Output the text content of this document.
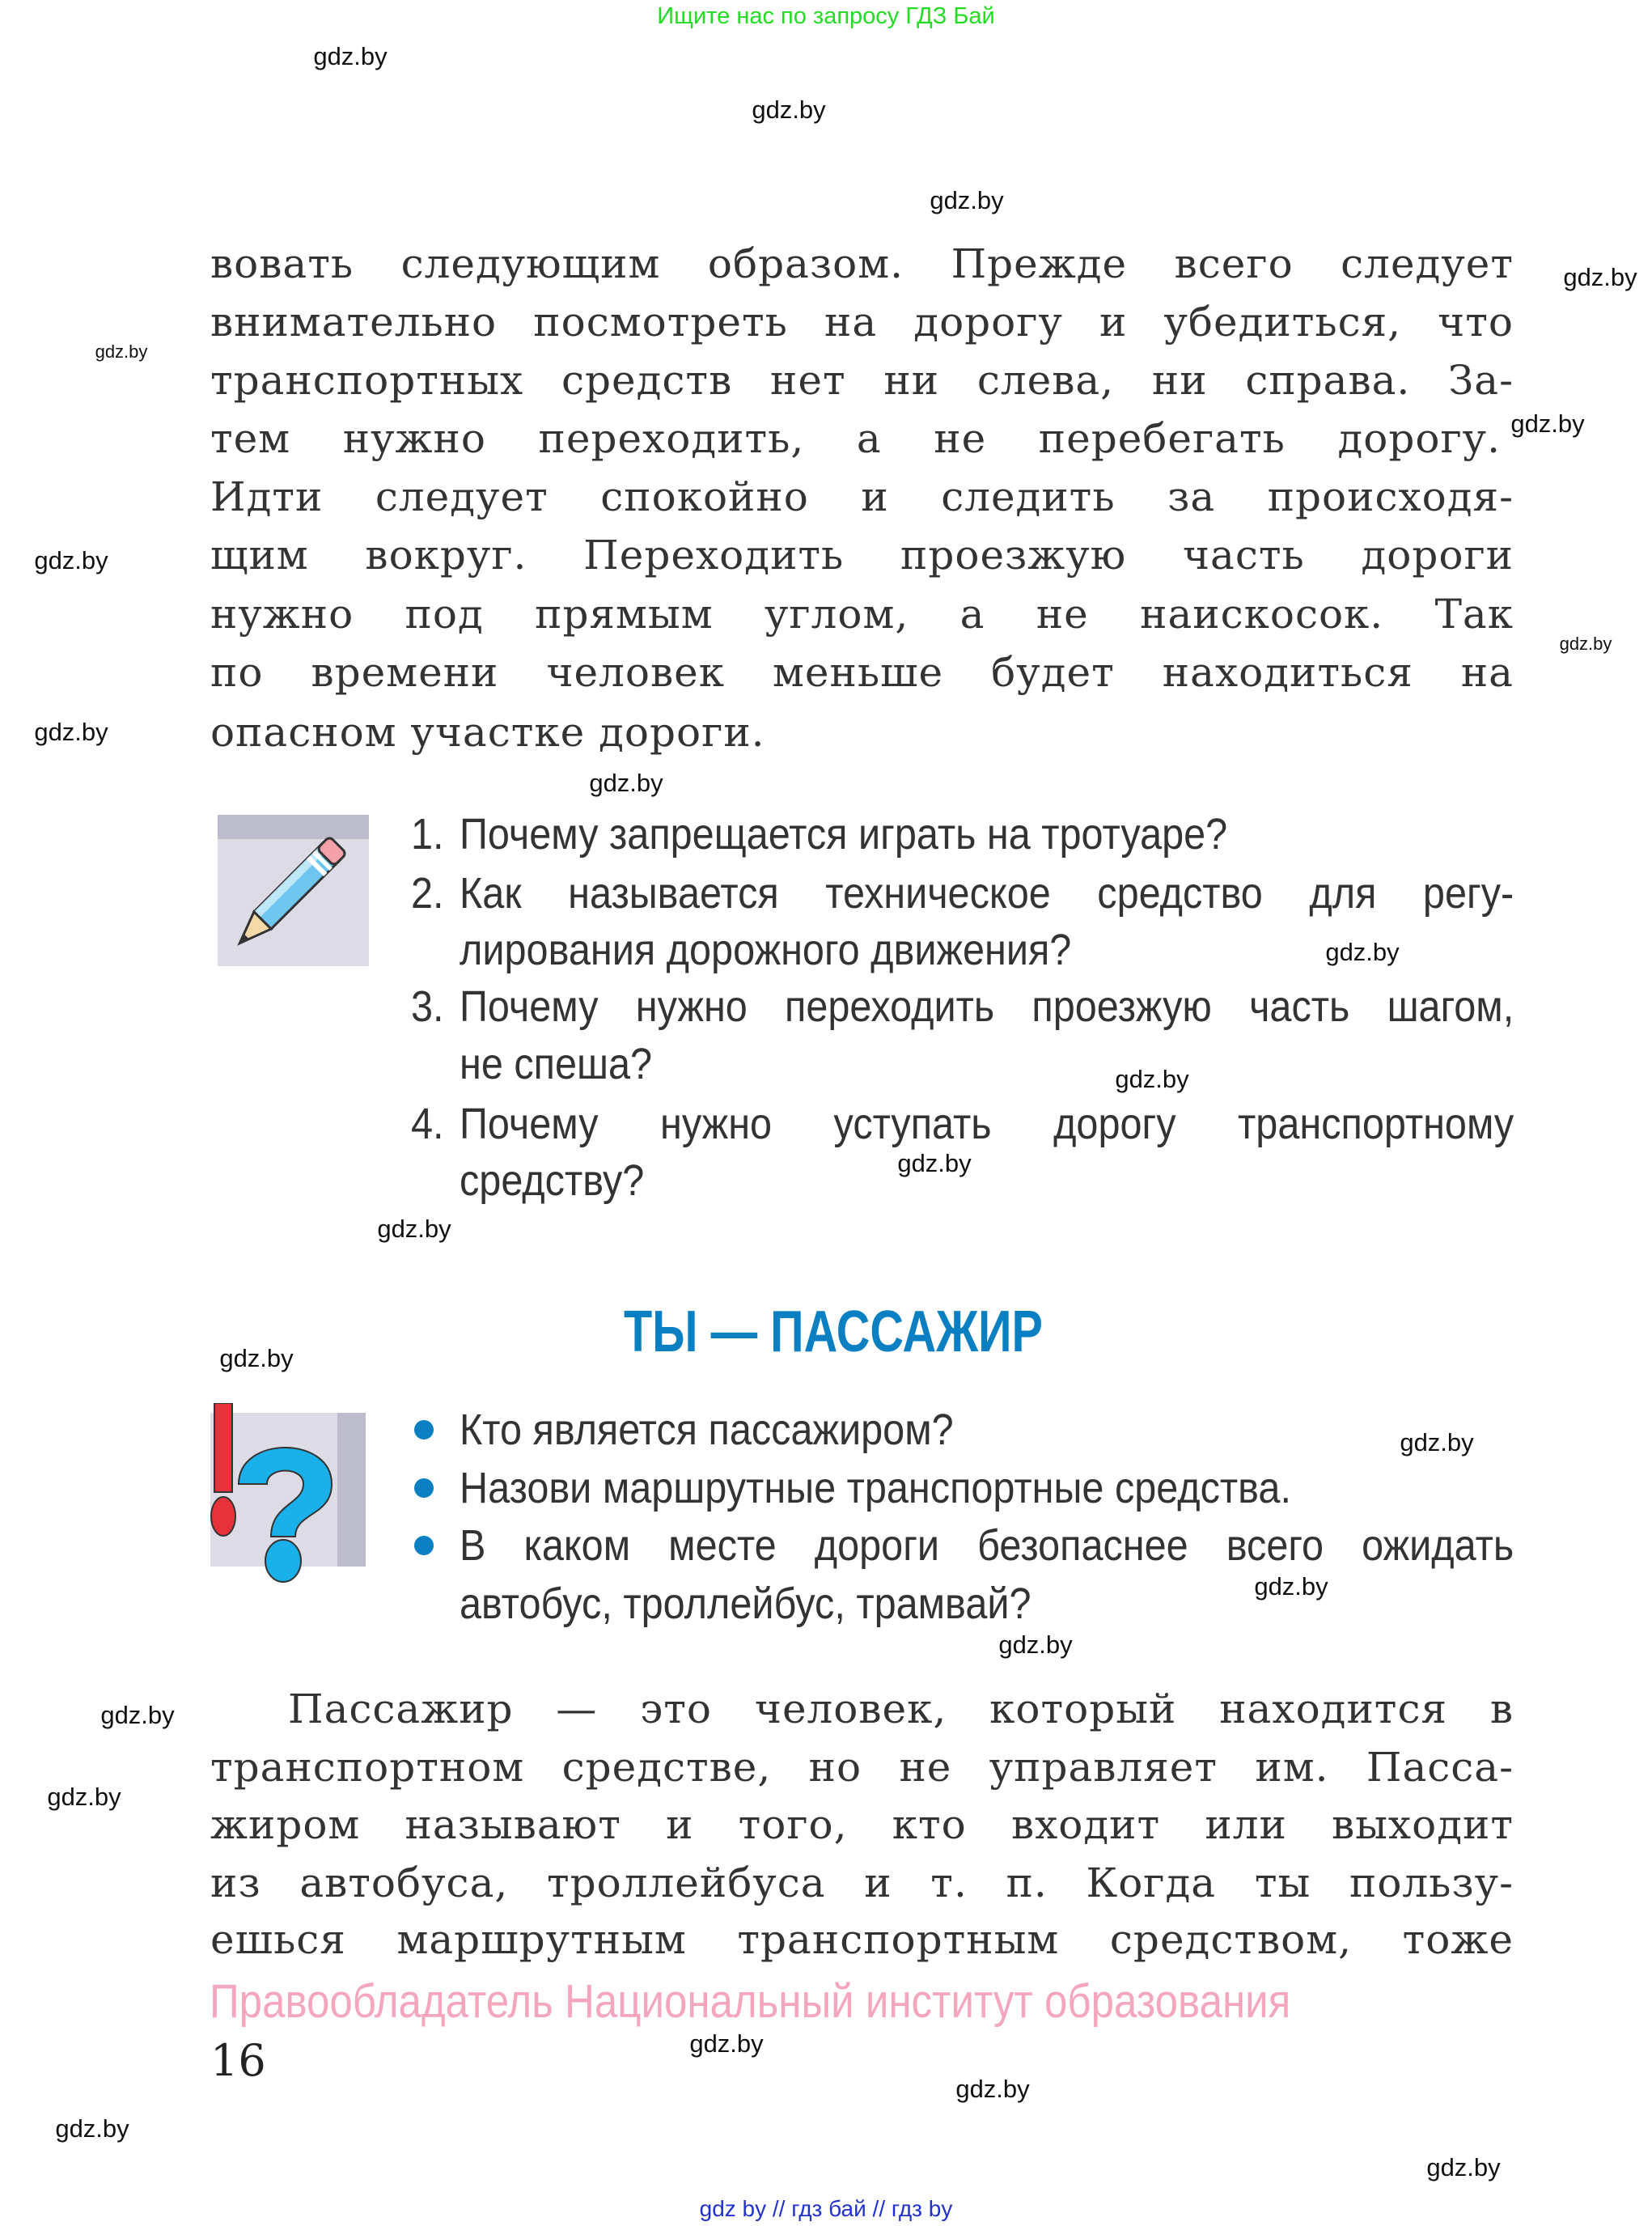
Ищите нас по запросу ГДЗ Бай
вовать следующим образом. Прежде всего следует
внимательно посмотреть на дорогу и убедиться, что
транспортных средств нет ни слева, ни справа. За-
тем нужно переходить, а не перебегать дорогу.
Идти следует спокойно и следить за происходя-
щим вокруг. Переходить проезжую часть дороги
нужно под прямым углом, а не наискосок. Так
по времени человек меньше будет находиться на
опасном участке дороги.
1. Почему запрещается играть на тротуаре?
2. Как называется техническое средство для регу-
лирования дорожного движения?
3. Почему нужно переходить проезжую часть шагом,
не спеша?
4. Почему нужно уступать дорогу транспортному
средству?
ТЫ — ПАССАЖИР
Кто является пассажиром?
Назови маршрутные транспортные средства.
В каком месте дороги безопаснее всего ожидать
автобус, троллейбус, трамвай?
Пассажир — это человек, который находится в
транспортном средстве, но не управляет им. Пасса-
жиром называют и того, кто входит или выходит
из автобуса, троллейбуса и т. п. Когда ты пользу-
ешься маршрутным транспортным средством, тоже
Правообладатель Национальный институт образования
16
gdz.by
gdz.by
gdz.by
gdz.by
gdz.by
gdz.by
gdz.by
gdz.by
gdz.by
gdz.by
gdz.by
gdz.by
gdz.by
gdz.by
gdz.by
gdz.by
gdz.by
gdz.by
gdz.by
gdz.by
gdz.by
gdz.by
gdz.by
gdz.by
gdz by // гдз бай // гдз by
